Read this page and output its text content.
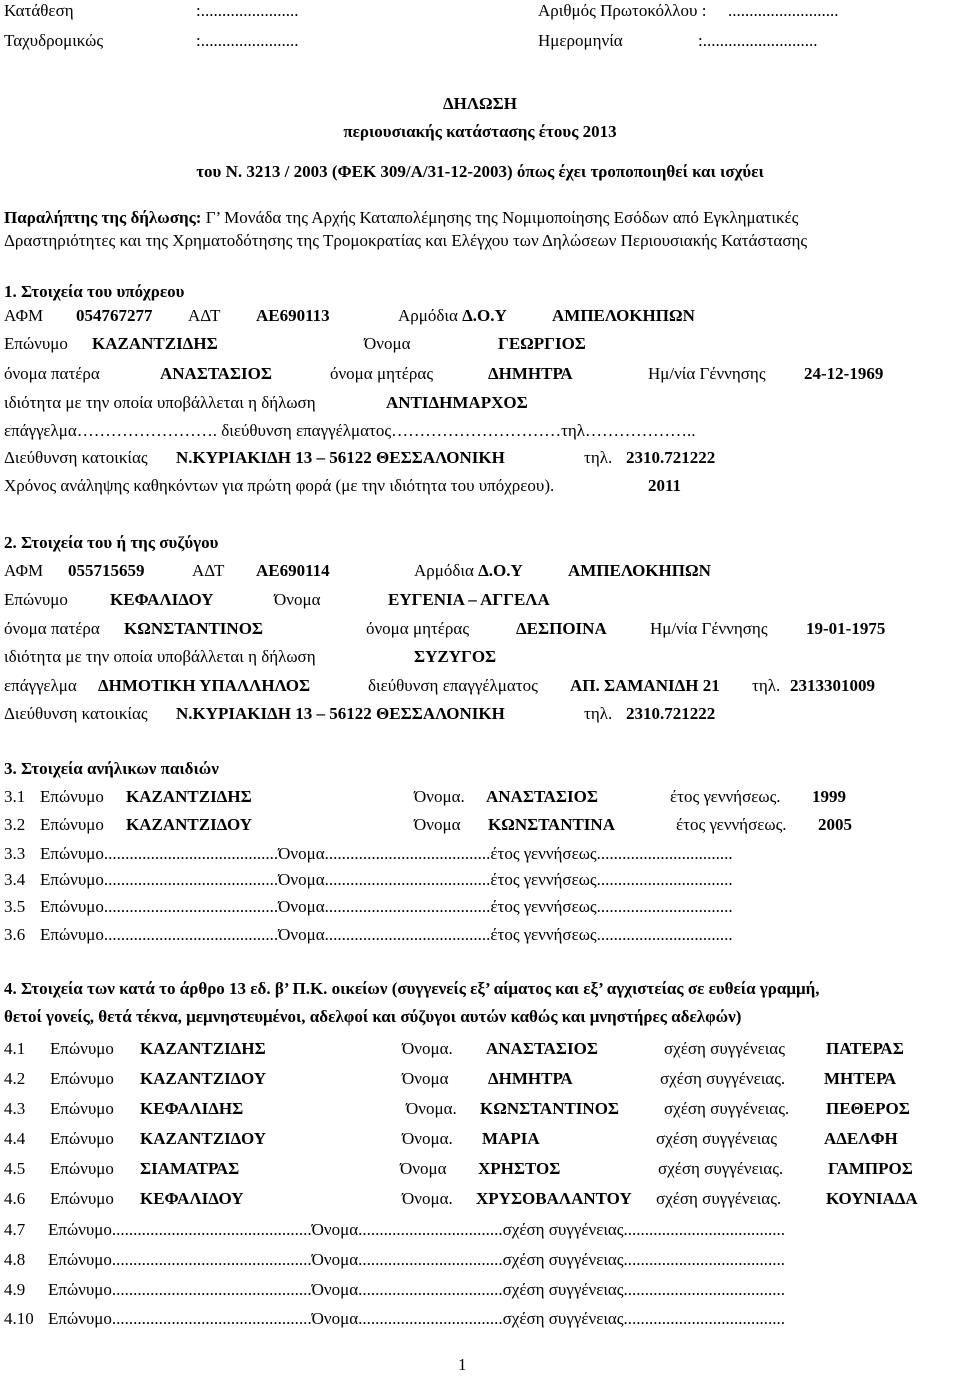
Κατάθεση	:.......................	Αριθμός Πρωτοκόλλου : ..........................
Ταχυδρομικώς	:.......................	Ημερομηνία	:...........................
ΔΗΛΩΣΗ
περιουσιακής κατάστασης έτους 2013
του Ν. 3213 / 2003 (ΦΕΚ 309/Α/31-12-2003) όπως έχει τροποποιηθεί και ισχύει
Παραλήπτης της δήλωσης: Γ’ Μονάδα της Αρχής Καταπολέμησης της Νομιμοποίησης Εσόδων από Εγκληματικές
Δραστηριότητες και της Χρηματοδότησης της Τρομοκρατίας και Ελέγχου των Δηλώσεων Περιουσιακής Κατάστασης
1. Στοιχεία του υπόχρεου
ΑΦΜ 054767277 ΑΔΤ ΑΕ690113	Αρμόδια Δ.Ο.Υ	ΑΜΠΕΛΟΚΗΠΩΝ
Επώνυμο ΚΑΖΑΝΤΖΙΔΗΣ	Όνομα	ΓΕΩΡΓΙΟΣ
όνομα πατέρα	ΑΝΑΣΤΑΣΙΟΣ	όνομα μητέρας	ΔΗΜΗΤΡΑ	Ημ/νία Γέννησης 24-12-1969
ιδιότητα με την οποία υποβάλλεται η δήλωση	ΑΝΤΙΔΗΜΑΡΧΟΣ
επάγγελμα……………………. διεύθυνση επαγγέλματος…………………………τηλ………………..
Διεύθυνση κατοικίας Ν.ΚΥΡΙΑΚΙΔΗ 13 – 56122 ΘΕΣΣΑΛΟΝΙΚΗ	τηλ. 2310.721222
Χρόνος ανάληψης καθηκόντων για πρώτη φορά (με την ιδιότητα του υπόχρεου).	2011
2. Στοιχεία του ή της συζύγου
ΑΦΜ 055715659	ΑΔΤ ΑΕ690114	Αρμόδια Δ.Ο.Υ	ΑΜΠΕΛΟΚΗΠΩΝ
Επώνυμο ΚΕΦΑΛΙΔΟΥ	Όνομα	ΕΥΓΕΝΙΑ – ΑΓΓΕΛΑ
όνομα πατέρα ΚΩΝΣΤΑΝΤΙΝΟΣ	όνομα μητέρας	ΔΕΣΠΟΙΝΑ	Ημ/νία Γέννησης 19-01-1975
ιδιότητα με την οποία υποβάλλεται η δήλωση	ΣΥΖΥΓΟΣ
επάγγελμα ΔΗΜΟΤΙΚΗ ΥΠΑΛΛΗΛΟΣ	διεύθυνση επαγγέλματος ΑΠ. ΣΑΜΑΝΙΔΗ 21 τηλ. 2313301009
Διεύθυνση κατοικίας Ν.ΚΥΡΙΑΚΙΔΗ 13 – 56122 ΘΕΣΣΑΛΟΝΙΚΗ	τηλ. 2310.721222
3. Στοιχεία ανήλικων παιδιών
3.1 Επώνυμο ΚΑΖΑΝΤΖΙΔΗΣ	Όνομα. ΑΝΑΣΤΑΣΙΟΣ	έτος γεννήσεως. 1999
3.2 Επώνυμο ΚΑΖΑΝΤΖΙΔΟΥ	Όνομα ΚΩΝΣΤΑΝΤΙΝΑ	έτος γεννήσεως. 2005
3.3 Επώνυμο.........................................Όνομα.......................................έτος γεννήσεως................................
3.4 Επώνυμο.........................................Όνομα.......................................έτος γεννήσεως................................
3.5 Επώνυμο.........................................Όνομα.......................................έτος γεννήσεως................................
3.6 Επώνυμο.........................................Όνομα.......................................έτος γεννήσεως................................
4. Στοιχεία των κατά το άρθρο 13 εδ. β’ Π.Κ. οικείων (συγγενείς εξ’ αίματος και εξ’ αγχιστείας σε ευθεία γραμμή,
θετοί γονείς, θετά τέκνα, μεμνηστευμένοι, αδελφοί και σύζυγοι αυτών καθώς και μνηστήρες αδελφών)
4.1 Επώνυμο ΚΑΖΑΝΤΖΙΔΗΣ	Όνομα. ΑΝΑΣΤΑΣΙΟΣ	σχέση συγγένειας ΠΑΤΕΡΑΣ
4.2 Επώνυμο ΚΑΖΑΝΤΖΙΔΟΥ	Όνομα ΔΗΜΗΤΡΑ	σχέση συγγένειας. ΜΗΤΕΡΑ
4.3 Επώνυμο ΚΕΦΑΛΙΔΗΣ	Όνομα. ΚΩΝΣΤΑΝΤΙΝΟΣ	σχέση συγγένειας. ΠΕΘΕΡΟΣ
4.4 Επώνυμο ΚΑΖΑΝΤΖΙΔΟΥ	Όνομα. ΜΑΡΙΑ	σχέση συγγένειας	ΑΔΕΛΦΗ
4.5 Επώνυμο ΣΙΑΜΑΤΡΑΣ	Όνομα ΧΡΗΣΤΟΣ	σχέση συγγένειας.	ΓΑΜΠΡΟΣ
4.6 Επώνυμο ΚΕΦΑΛΙΔΟΥ	Όνομα. ΧΡΥΣΟΒΑΛΑΝΤΟΥ σχέση συγγένειας.	ΚΟΥΝΙΑΔΑ
4.7 Επώνυμο...............................................Όνομα..................................σχέση συγγένειας......................................
4.8 Επώνυμο...............................................Όνομα..................................σχέση συγγένειας......................................
4.9 Επώνυμο...............................................Όνομα..................................σχέση συγγένειας......................................
4.10 Επώνυμο...............................................Όνομα..................................σχέση συγγένειας......................................
1
